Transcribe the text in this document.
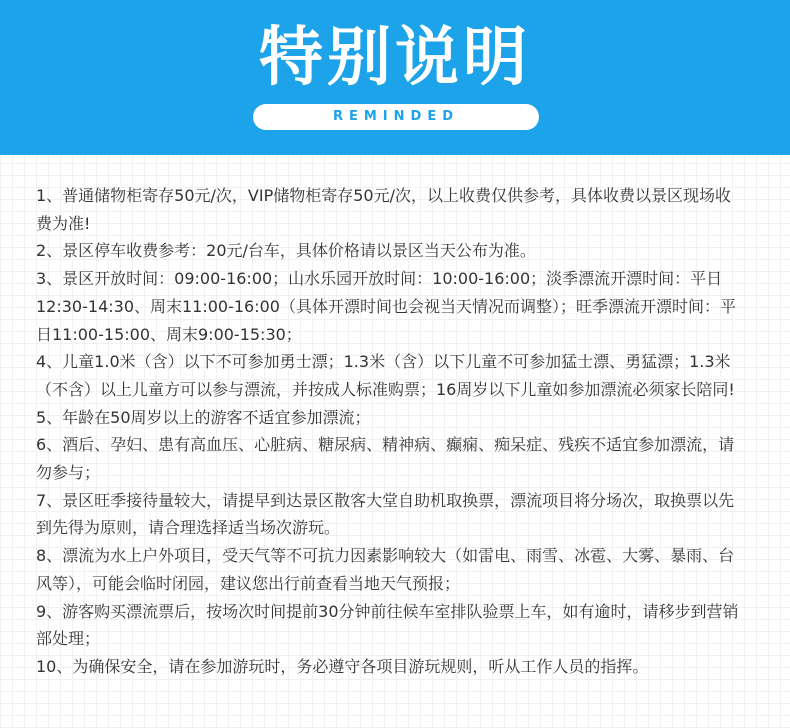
特别说明
REMINDED
1、普通储物柜寄存50元/次，VIP储物柜寄存50元/次，以上收费仅供参考，具体收费以景区现场收费为准!
2、景区停车收费参考：20元/台车，具体价格请以景区当天公布为准。
3、景区开放时间：09:00-16:00；山水乐园开放时间：10:00-16:00；淡季漂流开漂时间：平日12:30-14:30、周末11:00-16:00（具体开漂时间也会视当天情况而调整）；旺季漂流开漂时间：平日11:00-15:00、周末9:00-15:30；
4、儿童1.0米（含）以下不可参加勇士漂；1.3米（含）以下儿童不可参加猛士漂、勇猛漂；1.3米（不含）以上儿童方可以参与漂流，并按成人标准购票；16周岁以下儿童如参加漂流必须家长陪同!
5、年龄在50周岁以上的游客不适宜参加漂流；
6、酒后、孕妇、患有高血压、心脏病、糖尿病、精神病、癫痫、痴呆症、残疾不适宜参加漂流，请勿参与；
7、景区旺季接待量较大，请提早到达景区散客大堂自助机取换票，漂流项目将分场次，取换票以先到先得为原则，请合理选择适当场次游玩。
8、漂流为水上户外项目，受天气等不可抗力因素影响较大（如雷电、雨雪、冰雹、大雾、暴雨、台风等），可能会临时闭园，建议您出行前查看当地天气预报；
9、游客购买漂流票后，按场次时间提前30分钟前往候车室排队验票上车，如有逾时，请移步到营销部处理；
10、为确保安全，请在参加游玩时，务必遵守各项目游玩规则，听从工作人员的指挥。
